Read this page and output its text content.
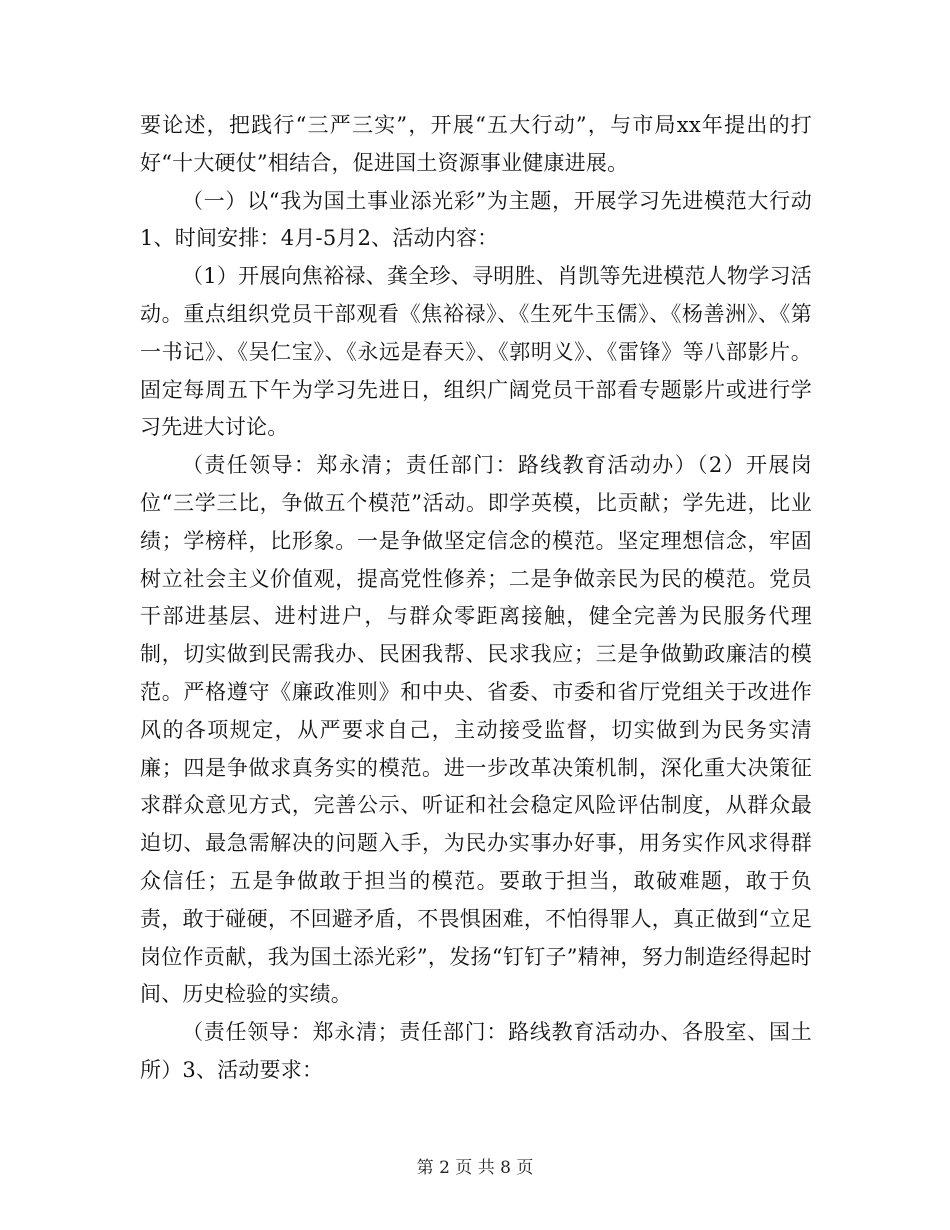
要论述，把践行“三严三实”，开展“五大行动”，与市局xx年提出的打好“十大硬仗”相结合，促进国土资源事业健康进展。

（一）以“我为国土事业添光彩”为主题，开展学习先进模范大行动1、时间安排：4月-5月2、活动内容：

（1）开展向焦裕禄、龚全珍、寻明胜、肖凯等先进模范人物学习活动。重点组织党员干部观看《焦裕禄》、《生死牛玉儒》、《杨善洲》、《第一书记》、《吴仁宝》、《永远是春天》、《郭明义》、《雷锋》等八部影片。固定每周五下午为学习先进日，组织广阔党员干部看专题影片或进行学习先进大讨论。

（责任领导：郑永清；责任部门：路线教育活动办）（2）开展岗位“三学三比，争做五个模范”活动。即学英模，比贡献；学先进，比业绩；学榜样，比形象。一是争做坚定信念的模范。坚定理想信念，牢固树立社会主义价值观，提高党性修养；二是争做亲民为民的模范。党员干部进基层、进村进户，与群众零距离接触，健全完善为民服务代理制，切实做到民需我办、民困我帮、民求我应；三是争做勤政廉洁的模范。严格遵守《廉政准则》和中央、省委、市委和省厅党组关于改进作风的各项规定，从严要求自己，主动接受监督，切实做到为民务实清廉；四是争做求真务实的模范。进一步改革决策机制，深化重大决策征求群众意见方式，完善公示、听证和社会稳定风险评估制度，从群众最迫切、最急需解决的问题入手，为民办实事办好事，用务实作风求得群众信任；五是争做敢于担当的模范。要敢于担当，敢破难题，敢于负责，敢于碰硬，不回避矛盾，不畏惧困难，不怕得罪人，真正做到“立足岗位作贡献，我为国土添光彩”，发扬“钉钉子”精神，努力制造经得起时间、历史检验的实绩。

（责任领导：郑永清；责任部门：路线教育活动办、各股室、国土所）3、活动要求：

第 2 页 共 8 页
